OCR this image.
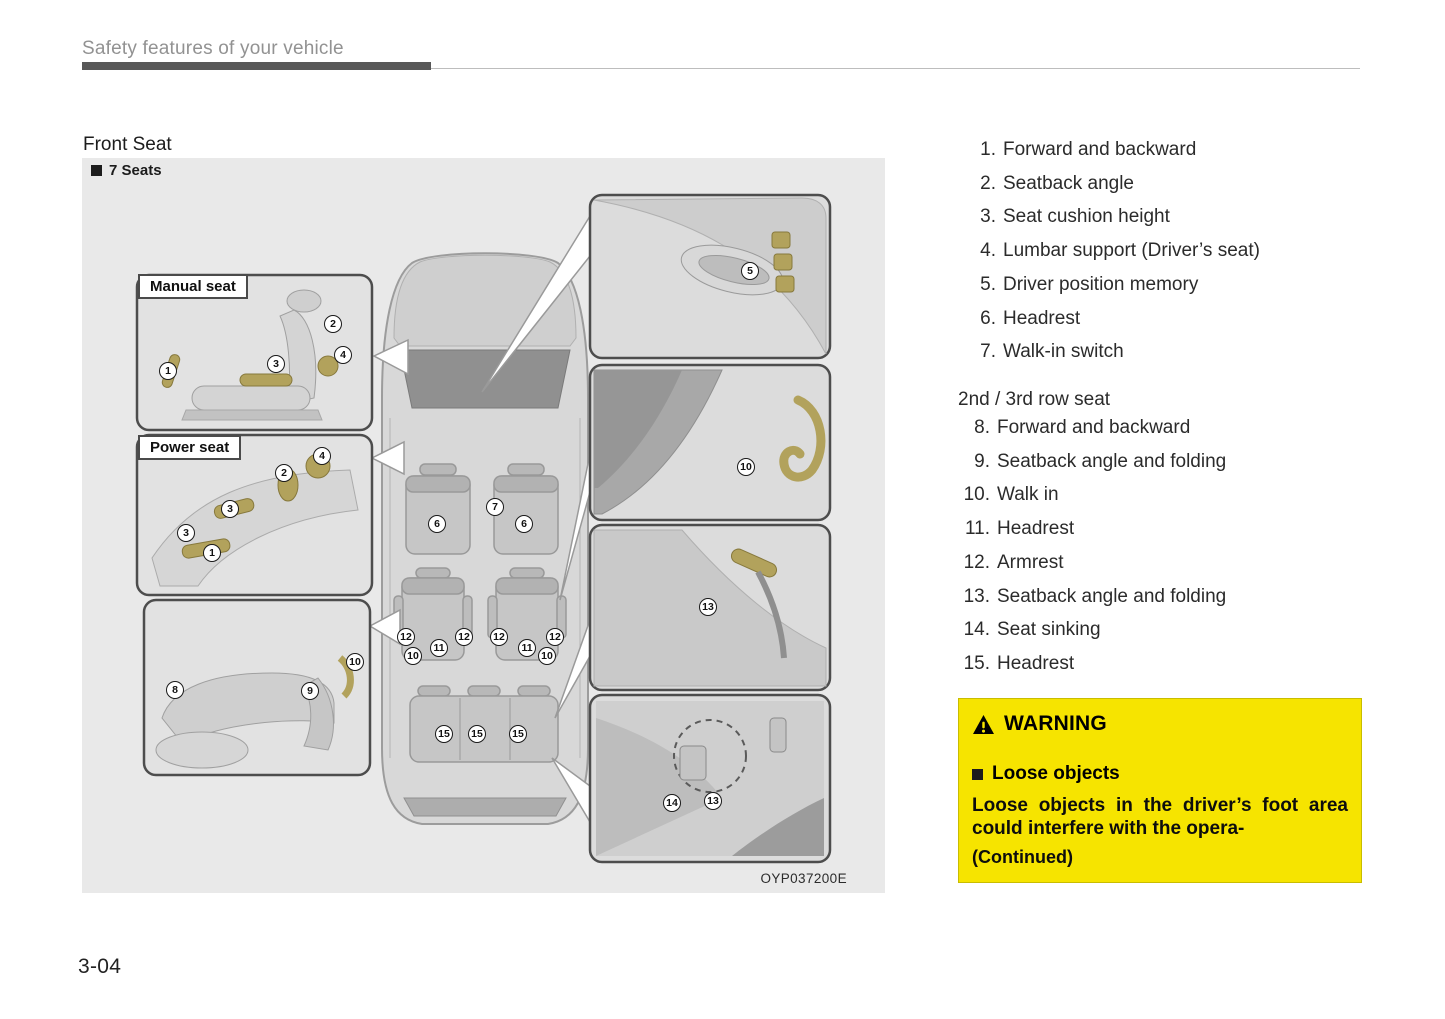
Safety features of your vehicle
Front Seat
7 Seats
Manual seat
Power seat
1
2
3
4
4
2
3
3
1
8	9
10
6
7
6
12
10
11
12	12
11
12
10
15	15	15
5
10
13
14	13
OYP037200E
1. Forward and backward
2. Seatback angle
3. Seat cushion height
4. Lumbar support (Driver’s seat)
5. Driver position memory
6. Headrest
7. Walk-in switch
2nd / 3rd row seat
8. Forward and backward
9. Seatback angle and folding
10. Walk in
11. Headrest
12. Armrest
13. Seatback angle and folding
14. Seat sinking
15. Headrest
WARNING
Loose objects

Loose objects in the driver’s foot area could interfere with the opera-

(Continued)
3-04
